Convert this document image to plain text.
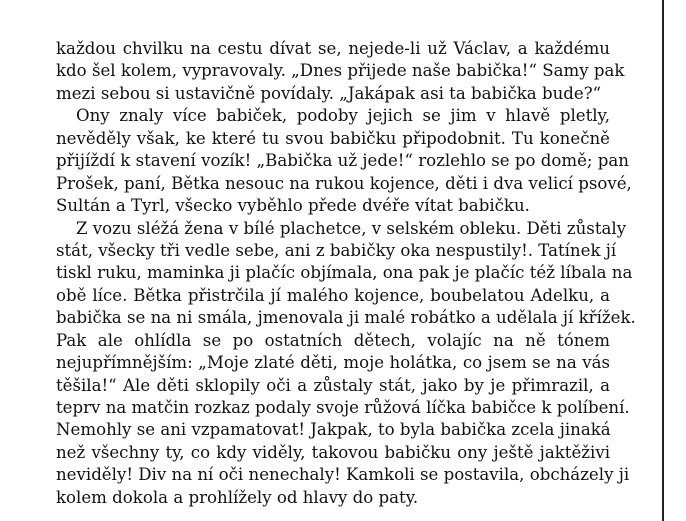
každou chvilku na cestu dívat se, nejede-li už Václav, a každému
kdo šel kolem, vypravovaly. „Dnes přijede naše babička!“ Samy pak
mezi sebou si ustavičně povídaly. „Jakápak asi ta babička bude?“
Ony znaly více babiček, podoby jejich se jim v hlavě pletly,
nevěděly však, ke které tu svou babičku připodobnit. Tu konečně
přijíždí k stavení vozík! „Babička už jede!“ rozlehlo se po domě; pan
Prošek, paní, Bětka nesouc na rukou kojence, děti i dva velicí psové,
Sultán a Tyrl, všecko vyběhlo přede dvéře vítat babičku.
Z vozu sléžá žena v bílé plachetce, v selském obleku. Děti zůstaly
stát, všecky tři vedle sebe, ani z babičky oka nespustily!. Tatínek jí
tiskl ruku, maminka ji plačíc objímala, ona pak je plačíc též líbala na
obě líce. Bětka přistrčila jí malého kojence, boubelatou Adelku, a
babička se na ni smála, jmenovala ji malé robátko a udělala jí křížek.
Pak ale ohlídla se po ostatních dětech, volajíc na ně tónem
nejupřímnějším: „Moje zlaté děti, moje holátka, co jsem se na vás
těšila!“ Ale děti sklopily oči a zůstaly stát, jako by je přimrazil, a
teprv na matčin rozkaz podaly svoje růžová líčka babičce k políbení.
Nemohly se ani vzpamatovat! Jakpak, to byla babička zcela jinaká
než všechny ty, co kdy viděly, takovou babičku ony ještě jaktěživi
neviděly! Div na ní oči nenechaly! Kamkoli se postavila, obcházely ji
kolem dokola a prohlížely od hlavy do paty.
